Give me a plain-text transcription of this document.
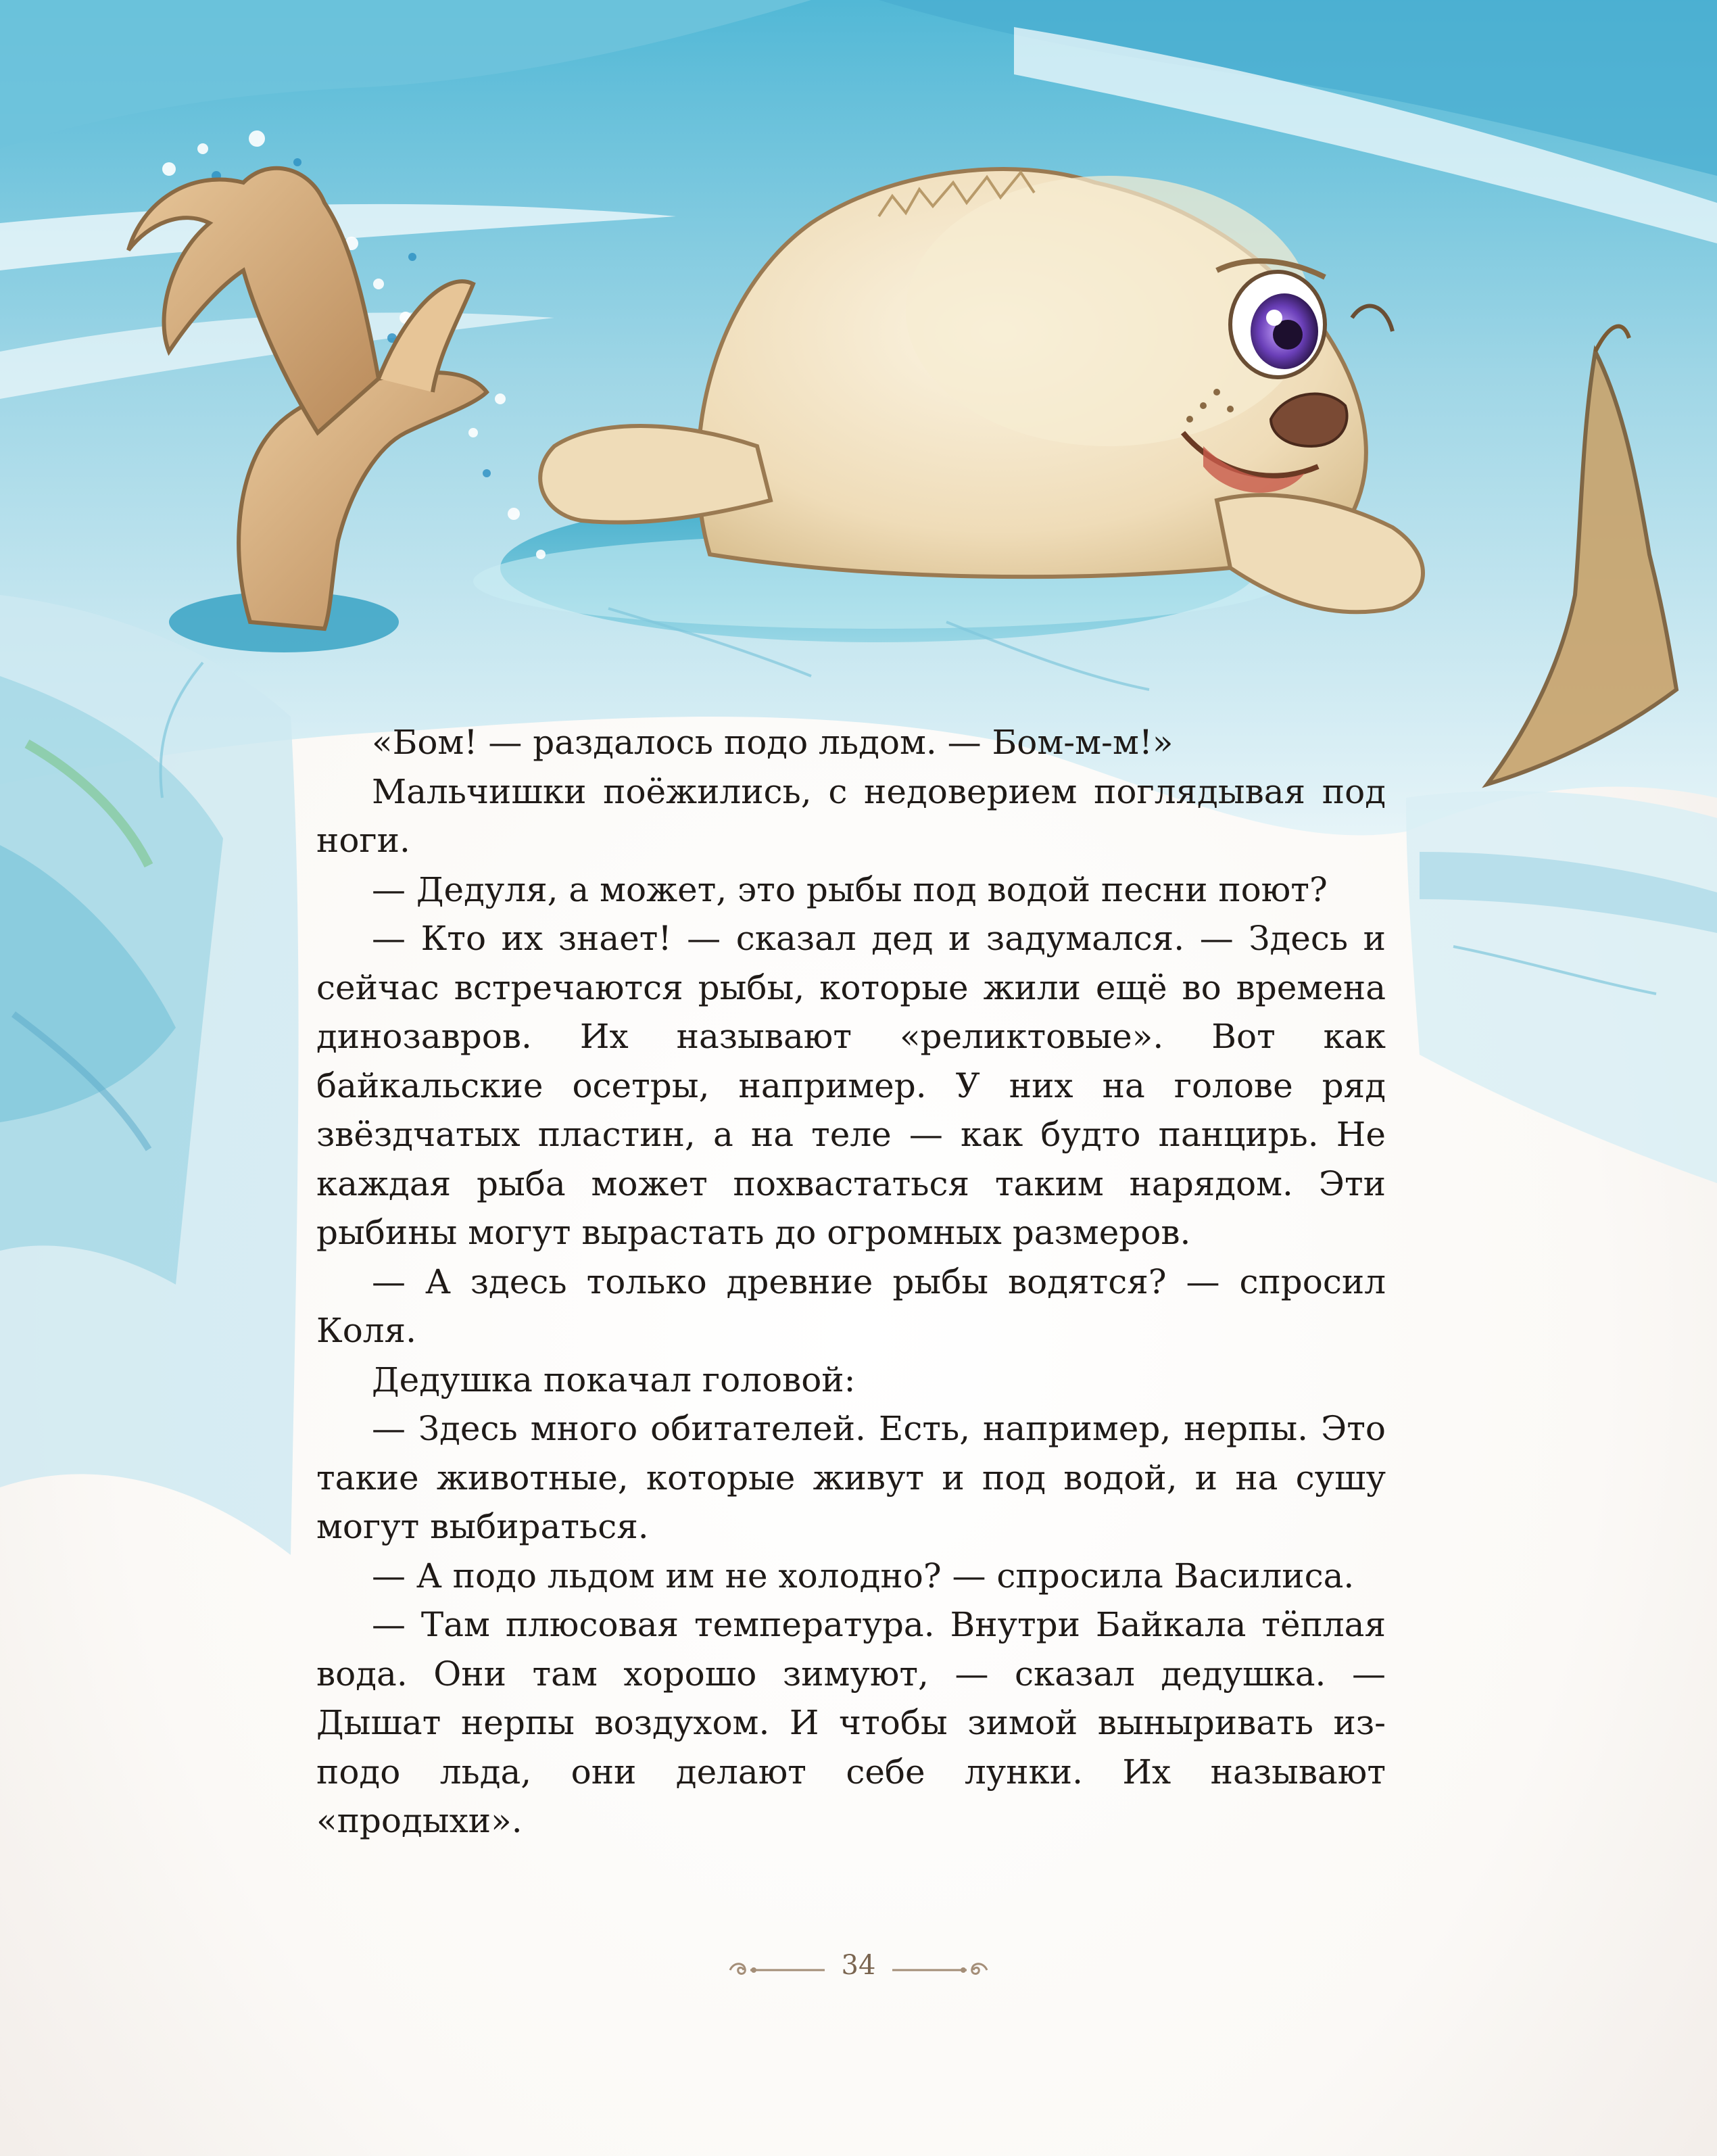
«Бом! — раздалось подо льдом. — Бом-м-м!»

Мальчишки поёжились, с недоверием поглядывая под ноги.

— Дедуля, а может, это рыбы под водой песни поют?

— Кто их знает! — сказал дед и задумался. — Здесь и сейчас встречаются рыбы, которые жили ещё во времена динозавров. Их называют «реликтовые». Вот как байкальские осетры, например. У них на голове ряд звёздчатых пластин, а на теле — как будто панцирь. Не каждая рыба может похвастаться таким нарядом. Эти рыбины могут вырастать до огромных размеров.

— А здесь только древние рыбы водятся? — спросил Коля.

Дедушка покачал головой:

— Здесь много обитателей. Есть, например, нерпы. Это такие животные, которые живут и под водой, и на сушу могут выбираться.

— А подо льдом им не холодно? — спросила Василиса.

— Там плюсовая температура. Внутри Байкала тёплая вода. Они там хорошо зимуют, — сказал дедушка. — Дышат нерпы воздухом. И чтобы зимой выныривать из-подо льда, они делают себе лунки. Их называют «продыхи».

34
